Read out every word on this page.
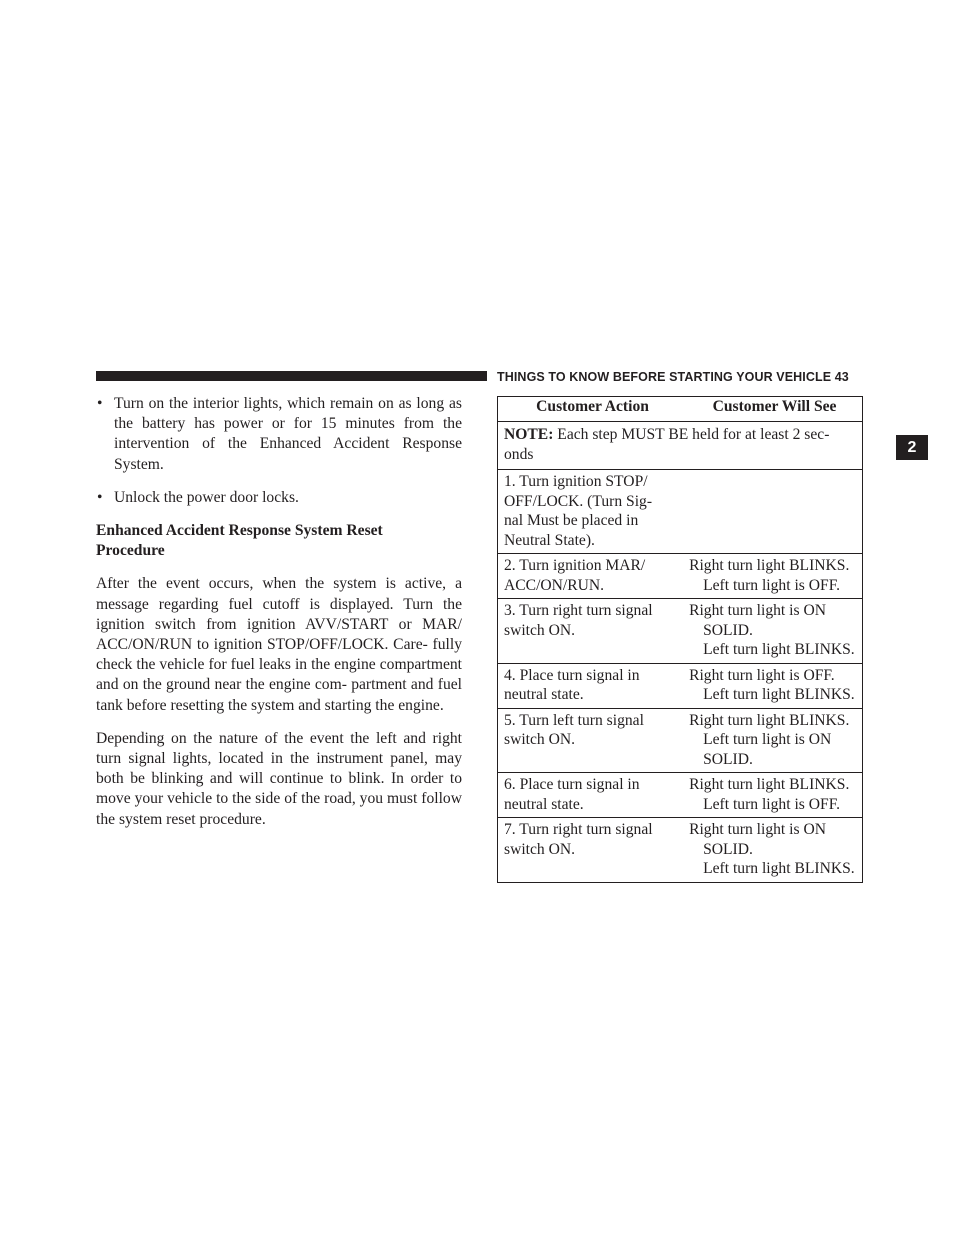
THINGS TO KNOW BEFORE STARTING YOUR VEHICLE 43
2

• Turn on the interior lights, which remain on as long as the battery has power or for 15 minutes from the intervention of the Enhanced Accident Response System.

• Unlock the power door locks.

Enhanced Accident Response System Reset
Procedure

After the event occurs, when the system is active, a message regarding fuel cutoff is displayed. Turn the ignition switch from ignition AVV/START or MAR/ ACC/ON/RUN to ignition STOP/OFF/LOCK. Care- fully check the vehicle for fuel leaks in the engine compartment and on the ground near the engine com- partment and fuel tank before resetting the system and starting the engine.

Depending on the nature of the event the left and right turn signal lights, located in the instrument panel, may both be blinking and will continue to blink. In order to move your vehicle to the side of the road, you must follow the system reset procedure.

Customer Action	Customer Will See
NOTE: Each step MUST BE held for at least 2 sec- onds	

1. Turn ignition STOP/
OFF/LOCK. (Turn Sig-
nal Must be placed in
Neutral State).	

2. Turn ignition MAR/
ACC/ON/RUN.	Right turn light BLINKS.
Left turn light is OFF.

3. Turn right turn signal
switch ON.	Right turn light is ON
SOLID.
Left turn light BLINKS.

4. Place turn signal in
neutral state.	Right turn light is OFF.
Left turn light BLINKS.

5. Turn left turn signal
switch ON.	Right turn light BLINKS.
Left turn light is ON
SOLID.

6. Place turn signal in
neutral state.	Right turn light BLINKS.
Left turn light is OFF.

7. Turn right turn signal
switch ON.	Right turn light is ON
SOLID.
Left turn light BLINKS.
